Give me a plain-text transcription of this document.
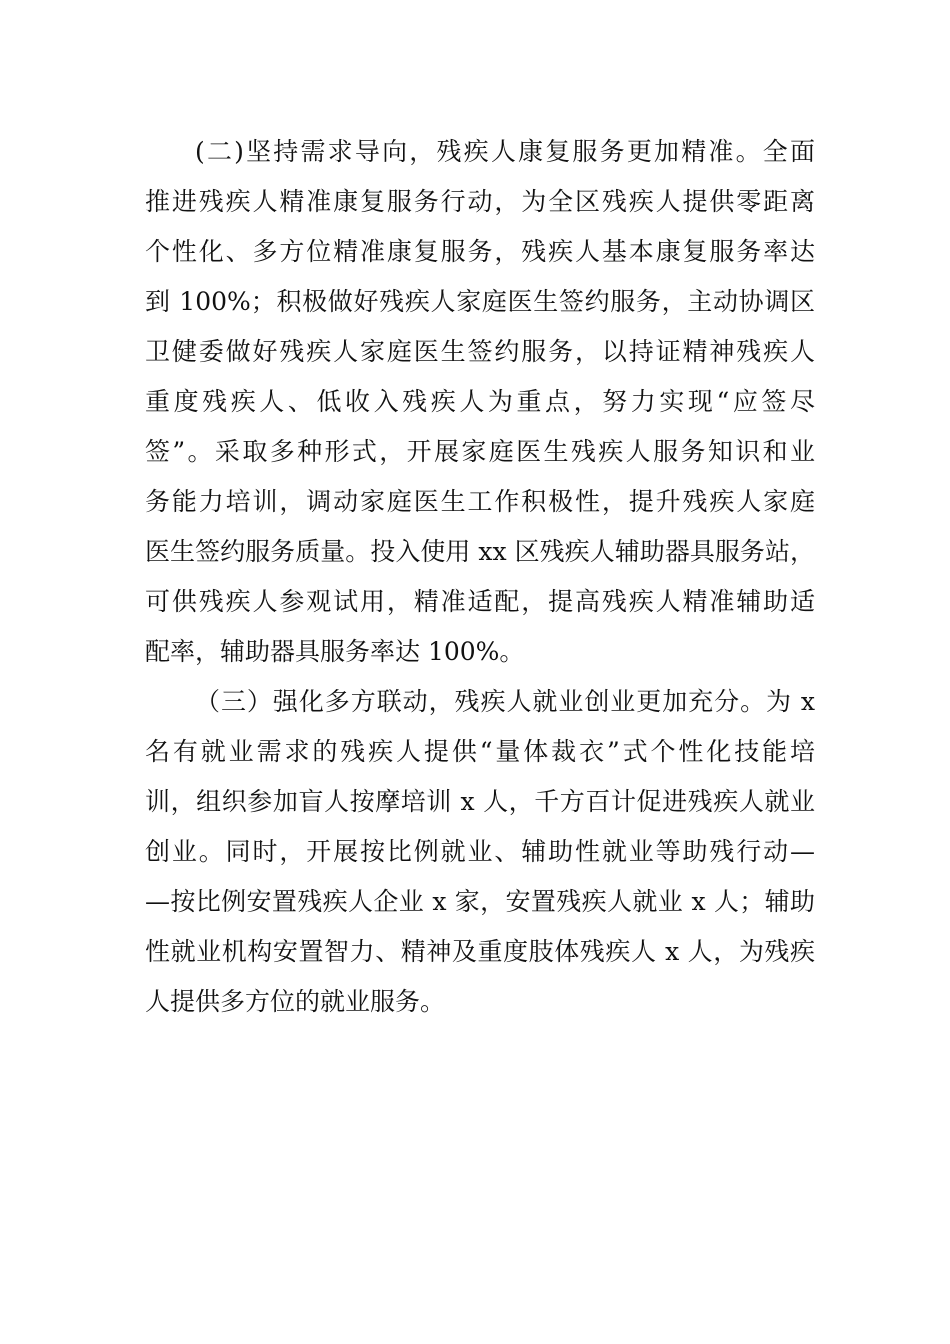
(二)坚持需求导向，残疾人康复服务更加精准。全面
推进残疾人精准康复服务行动，为全区残疾人提供零距离
个性化、多方位精准康复服务，残疾人基本康复服务率达
到 100%；积极做好残疾人家庭医生签约服务，主动协调区
卫健委做好残疾人家庭医生签约服务，以持证精神残疾人
重度残疾人、低收入残疾人为重点，努力实现“应签尽
签”。采取多种形式，开展家庭医生残疾人服务知识和业
务能力培训，调动家庭医生工作积极性，提升残疾人家庭
医生签约服务质量。投入使用 xx 区残疾人辅助器具服务站，
可供残疾人参观试用，精准适配，提高残疾人精准辅助适
配率，辅助器具服务率达 100%。
（三）强化多方联动，残疾人就业创业更加充分。为 x
名有就业需求的残疾人提供“量体裁衣”式个性化技能培
训，组织参加盲人按摩培训 x 人，千方百计促进残疾人就业
创业。同时，开展按比例就业、辅助性就业等助残行动—
—按比例安置残疾人企业 x 家，安置残疾人就业 x 人；辅助
性就业机构安置智力、精神及重度肢体残疾人 x 人，为残疾
人提供多方位的就业服务。
